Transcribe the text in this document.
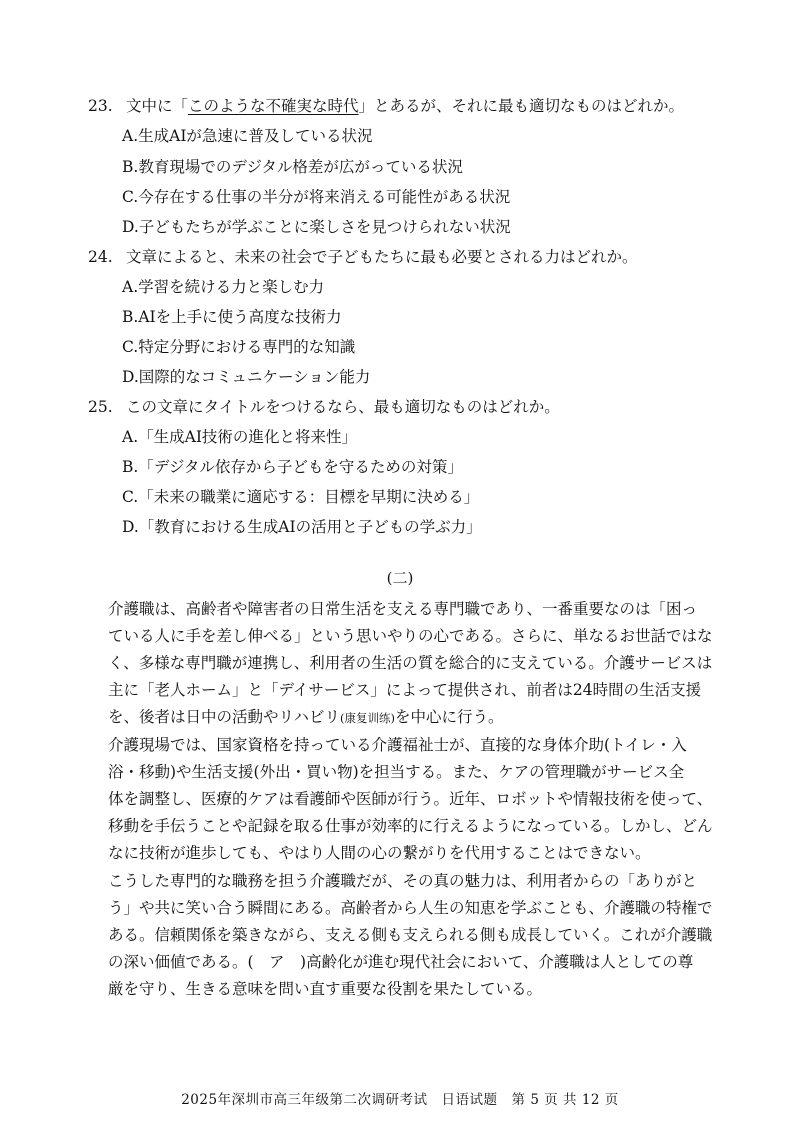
23. 文中に「このような不確実な時代」とあるが、それに最も適切なものはどれか。
A.生成AIが急速に普及している状況
B.教育現場でのデジタル格差が広がっている状況
C.今存在する仕事の半分が将来消える可能性がある状況
D.子どもたちが学ぶことに楽しさを見つけられない状況
24. 文章によると、未来の社会で子どもたちに最も必要とされる力はどれか。
A.学習を続ける力と楽しむ力
B.AIを上手に使う高度な技術力
C.特定分野における専門的な知識
D.国際的なコミュニケーション能力
25. この文章にタイトルをつけるなら、最も適切なものはどれか。
A.「生成AI技術の進化と将来性」
B.「デジタル依存から子どもを守るための対策」
C.「未来の職業に適応する：目標を早期に決める」
D.「教育における生成AIの活用と子どもの学ぶ力」
(二)
介護職は、高齢者や障害者の日常生活を支える専門職であり、一番重要なのは「困っ
ている人に手を差し伸べる」という思いやりの心である。さらに、単なるお世話ではな
く、多様な専門職が連携し、利用者の生活の質を総合的に支えている。介護サービスは
主に「老人ホーム」と「デイサービス」によって提供され、前者は24時間の生活支援
を、後者は日中の活動やリハビリ(康复训练)を中心に行う。
介護現場では、国家資格を持っている介護福祉士が、直接的な身体介助(トイレ・入
浴・移動)や生活支援(外出・買い物)を担当する。また、ケアの管理職がサービス全
体を調整し、医療的ケアは看護師や医師が行う。近年、ロボットや情報技術を使って、
移動を手伝うことや記録を取る仕事が効率的に行えるようになっている。しかし、どん
なに技術が進歩しても、やはり人間の心の繋がりを代用することはできない。
こうした専門的な職務を担う介護職だが、その真の魅力は、利用者からの「ありがと
う」や共に笑い合う瞬間にある。高齢者から人生の知恵を学ぶことも、介護職の特権で
ある。信頼関係を築きながら、支える側も支えられる側も成長していく。これが介護職
の深い価値である。(　ア　)高齢化が進む現代社会において、介護職は人としての尊
厳を守り、生きる意味を問い直す重要な役割を果たしている。
2025年深圳市高三年级第二次调研考试　日语试题　第 5 页 共 12 页
